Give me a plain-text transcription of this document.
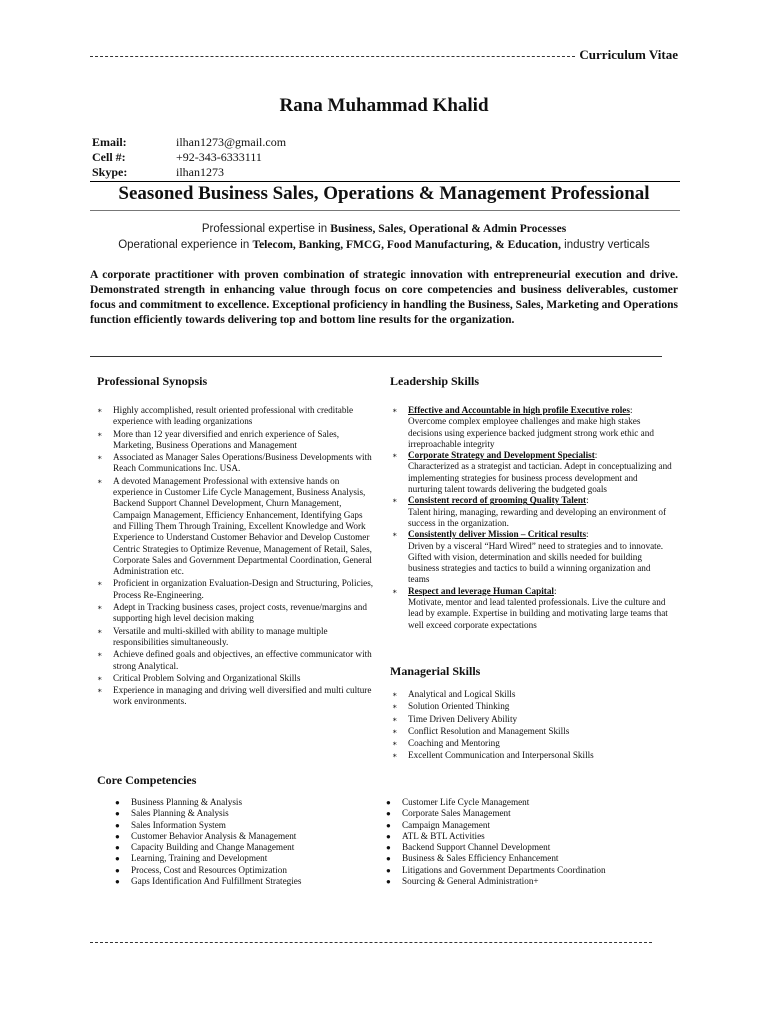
Curriculum Vitae
Rana Muhammad Khalid
Email:	ilhan1273@gmail.com
Cell #:	+92-343-6333111
Skype:	ilhan1273
Seasoned Business Sales, Operations & Management Professional
Professional expertise in Business, Sales, Operational & Admin Processes
Operational experience in Telecom, Banking, FMCG, Food Manufacturing, & Education, industry verticals
A corporate practitioner with proven combination of strategic innovation with entrepreneurial execution and drive. Demonstrated strength in enhancing value through focus on core competencies and business deliverables, customer focus and commitment to excellence. Exceptional proficiency in handling the Business, Sales, Marketing and Operations function efficiently towards delivering top and bottom line results for the organization.
Professional Synopsis
∗ Highly accomplished, result oriented professional with creditable experience with leading organizations
∗ More than 12 year diversified and enrich experience of Sales, Marketing, Business Operations and Management
∗ Associated as Manager Sales Operations/Business Developments with Reach Communications Inc. USA.
∗ A devoted Management Professional with extensive hands on experience in Customer Life Cycle Management, Business Analysis, Backend Support Channel Development, Churn Management, Campaign Management, Efficiency Enhancement, Identifying Gaps and Filling Them Through Training, Excellent Knowledge and Work Experience to Understand Customer Behavior and Develop Customer Centric Strategies to Optimize Revenue, Management of Retail, Sales, Corporate Sales and Government Departmental Coordination, General Administration etc.
∗ Proficient in organization Evaluation-Design and Structuring, Policies, Process Re-Engineering.
∗ Adept in Tracking business cases, project costs, revenue/margins and supporting high level decision making
∗ Versatile and multi-skilled with ability to manage multiple responsibilities simultaneously.
∗ Achieve defined goals and objectives, an effective communicator with strong Analytical.
∗ Critical Problem Solving and Organizational Skills
∗ Experience in managing and driving well diversified and multi culture work environments.
Leadership Skills
∗ Effective and Accountable in high profile Executive roles:
Overcome complex employee challenges and make high stakes decisions using experience backed judgment strong work ethic and irreproachable integrity
∗ Corporate Strategy and Development Specialist:
Characterized as a strategist and tactician. Adept in conceptualizing and implementing strategies for business process development and nurturing talent towards delivering the budgeted goals
∗ Consistent record of grooming Quality Talent:
Talent hiring, managing, rewarding and developing an environment of success in the organization.
∗ Consistently deliver Mission – Critical results:
Driven by a visceral “Hard Wired” need to strategies and to innovate. Gifted with vision, determination and skills needed for building business strategies and tactics to build a winning organization and teams
∗ Respect and leverage Human Capital:
Motivate, mentor and lead talented professionals. Live the culture and lead by example. Expertise in building and motivating large teams that well exceed corporate expectations
Managerial Skills
∗ Analytical and Logical Skills
∗ Solution Oriented Thinking
∗ Time Driven Delivery Ability
∗ Conflict Resolution and Management Skills
∗ Coaching and Mentoring
∗ Excellent Communication and Interpersonal Skills
Core Competencies
● Business Planning & Analysis
● Sales Planning & Analysis
● Sales Information System
● Customer Behavior Analysis & Management
● Capacity Building and Change Management
● Learning, Training and Development
● Process, Cost and Resources Optimization
● Gaps Identification And Fulfillment Strategies
● Customer Life Cycle Management
● Corporate Sales Management
● Campaign Management
● ATL & BTL Activities
● Backend Support Channel Development
● Business & Sales Efficiency Enhancement
● Litigations and Government Departments Coordination
● Sourcing & General Administration+
